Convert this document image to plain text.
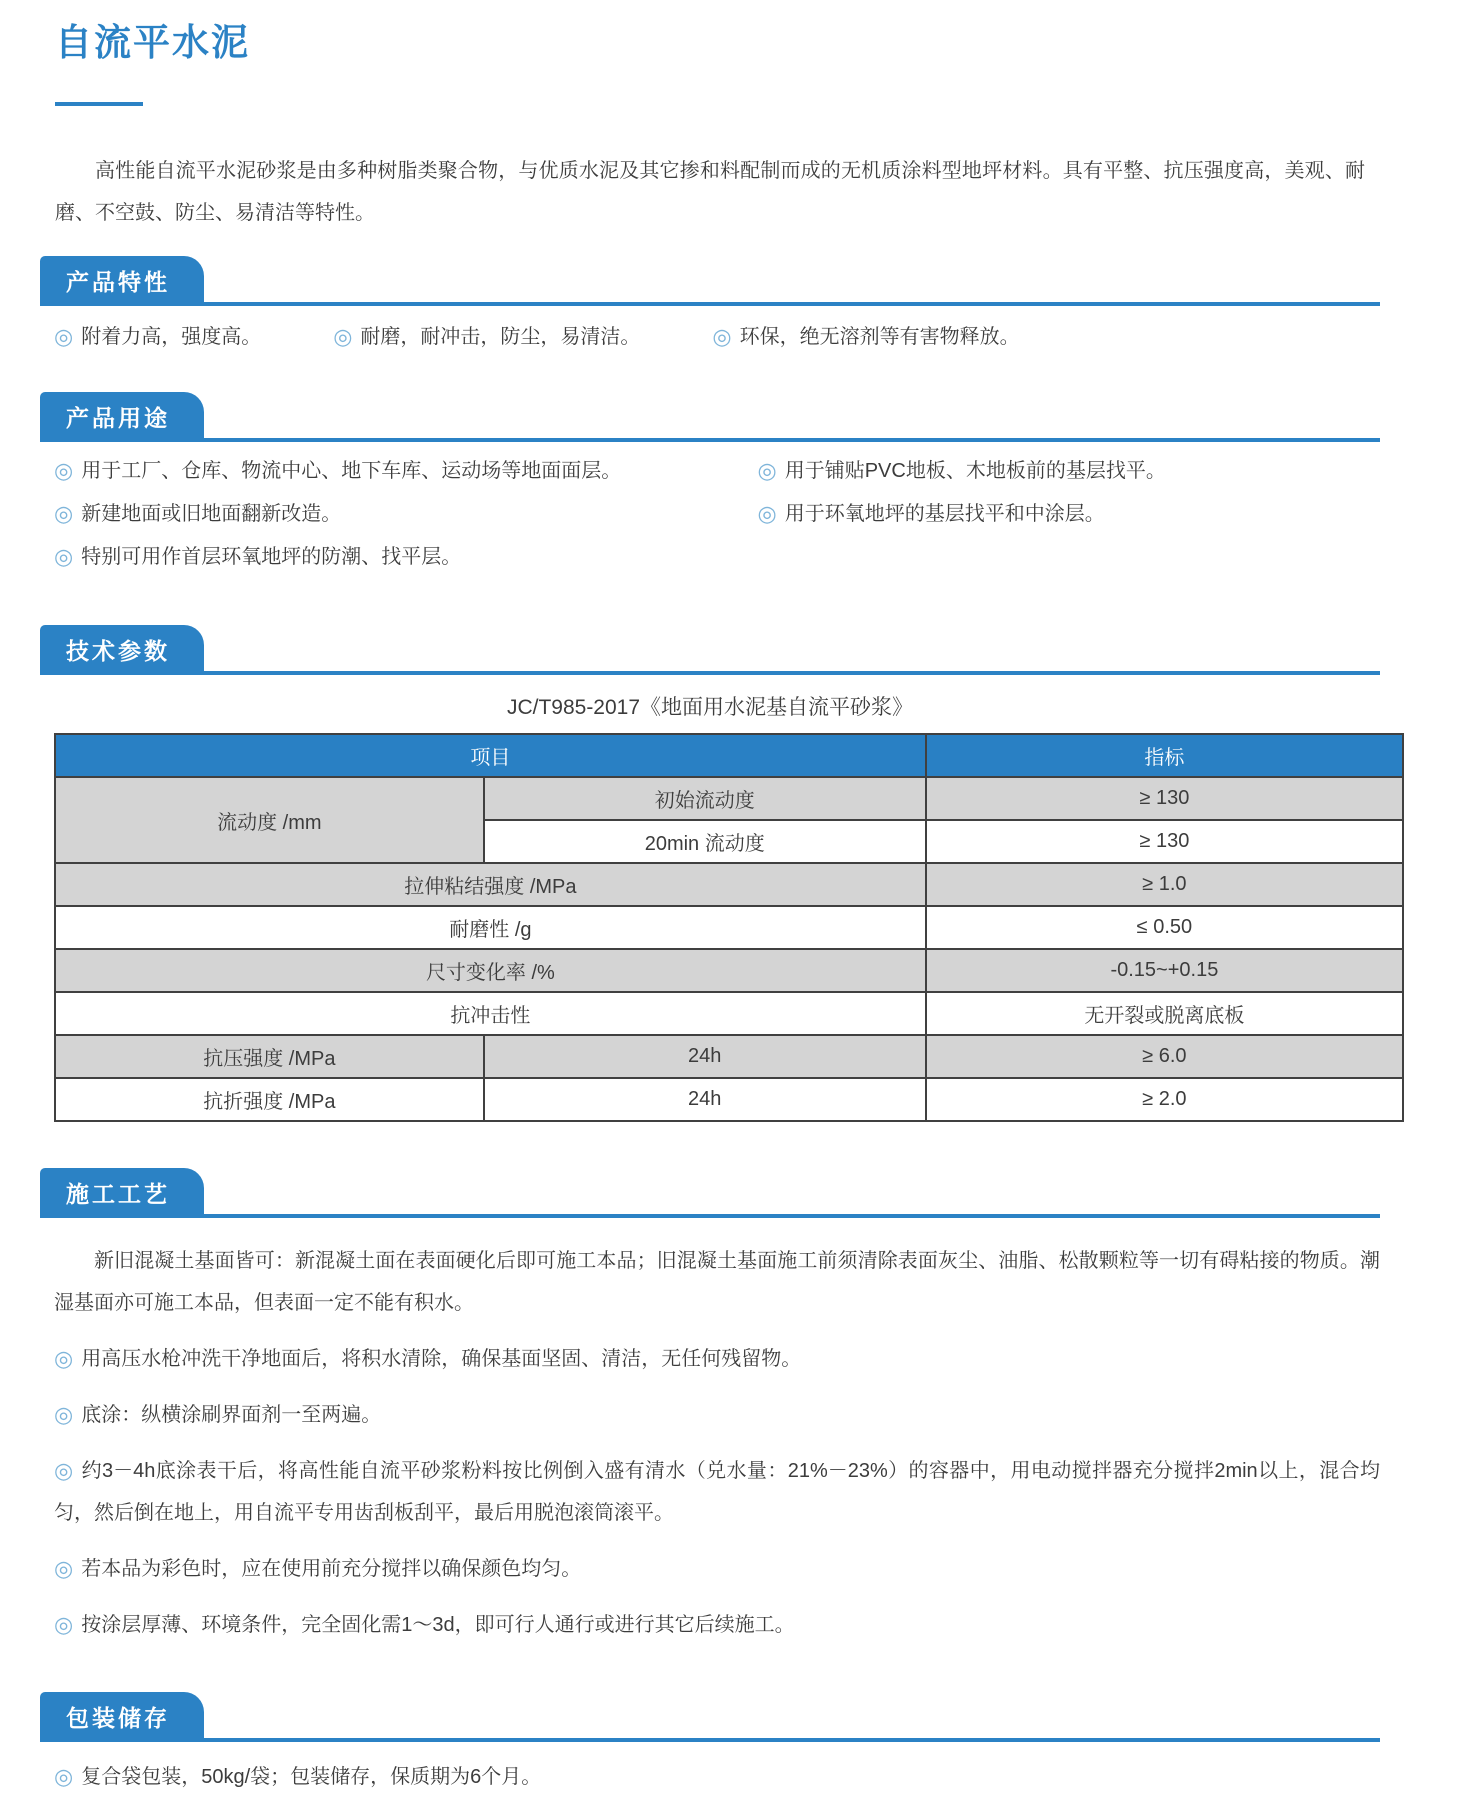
自流平水泥

高性能自流平水泥砂浆是由多种树脂类聚合物，与优质水泥及其它掺和料配制而成的无机质涂料型地坪材料。具有平整、抗压强度高，美观、耐磨、不空鼓、防尘、易清洁等特性。

产品特性

◎ 附着力高，强度高。	◎ 耐磨，耐冲击，防尘，易清洁。	◎ 环保，绝无溶剂等有害物释放。

产品用途

◎ 用于工厂、仓库、物流中心、地下车库、运动场等地面面层。

◎ 新建地面或旧地面翻新改造。

◎ 特别可用作首层环氧地坪的防潮、找平层。

◎ 用于铺贴PVC地板、木地板前的基层找平。

◎ 用于环氧地坪的基层找平和中涂层。

技术参数
JC/T985-2017《地面用水泥基自流平砂浆》
项目		指标
流动度 /mm	初始流动度	≥ 130
	20min 流动度	≥ 130
拉伸粘结强度 /MPa		≥ 1.0
耐磨性 /g		≤ 0.50
尺寸变化率 /%		-0.15~+0.15
抗冲击性		无开裂或脱离底板
抗压强度 /MPa	24h	≥ 6.0
抗折强度 /MPa	24h	≥ 2.0
施工工艺

新旧混凝土基面皆可：新混凝土面在表面硬化后即可施工本品；旧混凝土基面施工前须清除表面灰尘、油脂、松散颗粒等一切有碍粘接的物质。潮湿基面亦可施工本品，但表面一定不能有积水。

◎ 用高压水枪冲洗干净地面后，将积水清除，确保基面坚固、清洁，无任何残留物。

◎ 底涂：纵横涂刷界面剂一至两遍。

◎ 约3－4h底涂表干后，将高性能自流平砂浆粉料按比例倒入盛有清水（兑水量：21%－23%）的容器中，用电动搅拌器充分搅拌2min以上，混合均匀，然后倒在地上，用自流平专用齿刮板刮平，最后用脱泡滚筒滚平。

◎ 若本品为彩色时，应在使用前充分搅拌以确保颜色均匀。

◎ 按涂层厚薄、环境条件，完全固化需1～3d，即可行人通行或进行其它后续施工。

包装储存

◎ 复合袋包装，50kg/袋；包装储存，保质期为6个月。
